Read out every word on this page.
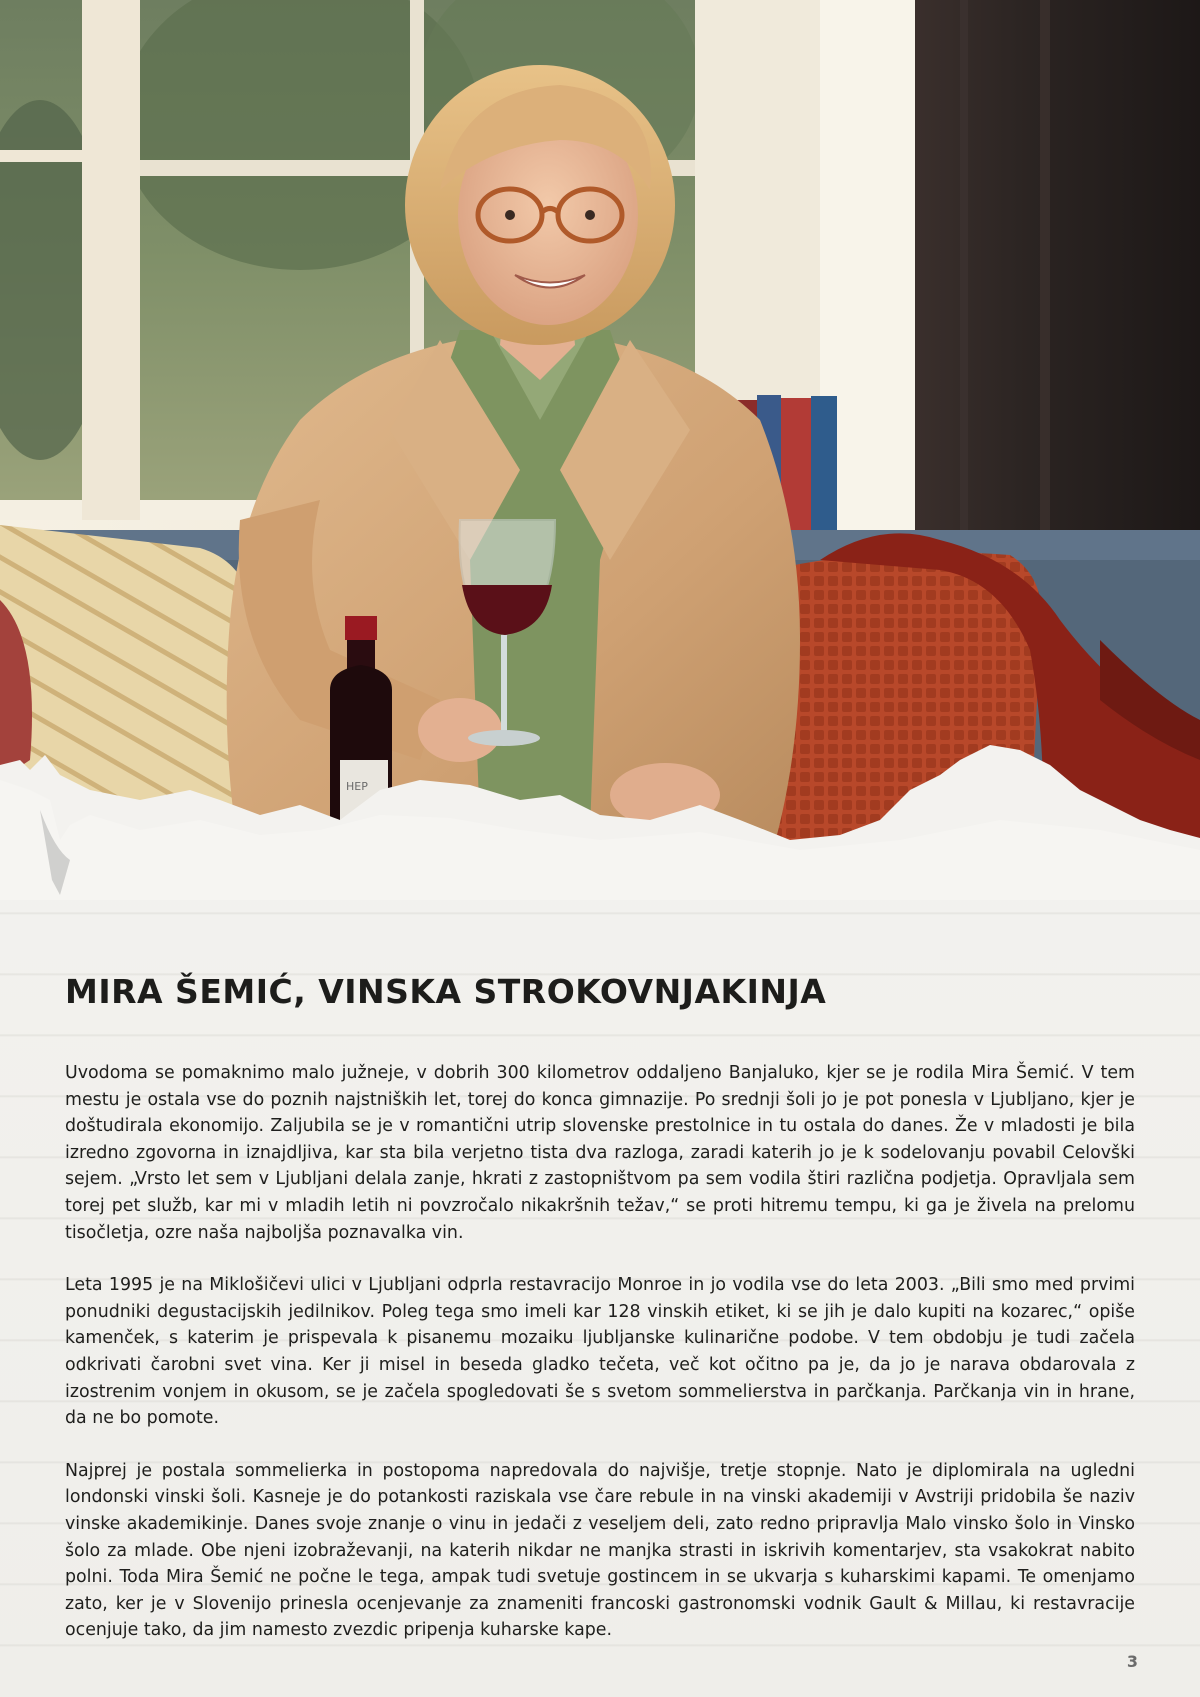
HEP
MIRA ŠEMIĆ, VINSKA STROKOVNJAKINJA

Uvodoma se pomaknimo malo južneje, v dobrih 300 kilometrov oddaljeno Banjaluko, kjer se je rodila Mira Šemić. V tem mestu je ostala vse do poznih najstniških let, torej do konca gimnazije. Po srednji šoli jo je pot ponesla v Ljubljano, kjer je doštudirala ekonomijo. Zaljubila se je v romantični utrip slovenske prestolnice in tu ostala do danes. Že v mladosti je bila izredno zgovorna in iznajdljiva, kar sta bila verjetno tista dva razloga, zaradi katerih jo je k sodelovanju povabil Celovški sejem. „Vrsto let sem v Ljubljani delala zanje, hkrati z zastopništvom pa sem vodila štiri različna podjetja. Opravljala sem torej pet služb, kar mi v mladih letih ni povzročalo nikakršnih težav,“ se proti hitremu tempu, ki ga je živela na prelomu tisočletja, ozre naša najboljša poznavalka vin.

Leta 1995 je na Miklošičevi ulici v Ljubljani odprla restavracijo Monroe in jo vodila vse do leta 2003. „Bili smo med prvimi ponudniki degustacijskih jedilnikov. Poleg tega smo imeli kar 128 vinskih etiket, ki se jih je dalo kupiti na kozarec,“ opiše kamenček, s katerim je prispevala k pisanemu mozaiku ljubljanske kulinarične podobe. V tem obdobju je tudi začela odkrivati čarobni svet vina. Ker ji misel in beseda gladko tečeta, več kot očitno pa je, da jo je narava obdarovala z izostrenim vonjem in okusom, se je začela spogledovati še s svetom sommelierstva in parčkanja. Parčkanja vin in hrane, da ne bo pomote.

Najprej je postala sommelierka in postopoma napredovala do najvišje, tretje stopnje. Nato je diplomirala na ugledni londonski vinski šoli. Kasneje je do potankosti raziskala vse čare rebule in na vinski akademiji v Avstriji pridobila še naziv vinske akademikinje. Danes svoje znanje o vinu in jedači z veseljem deli, zato redno pripravlja Malo vinsko šolo in Vinsko šolo za mlade. Obe njeni izobraževanji, na katerih nikdar ne manjka strasti in iskrivih komentarjev, sta vsakokrat nabito polni. Toda Mira Šemić ne počne le tega, ampak tudi svetuje gostincem in se ukvarja s kuharskimi kapami. Te omenjamo zato, ker je v Slovenijo prinesla ocenjevanje za znameniti francoski gastronomski vodnik Gault & Millau, ki restavracije ocenjuje tako, da jim namesto zvezdic pripenja kuharske kape.

3
